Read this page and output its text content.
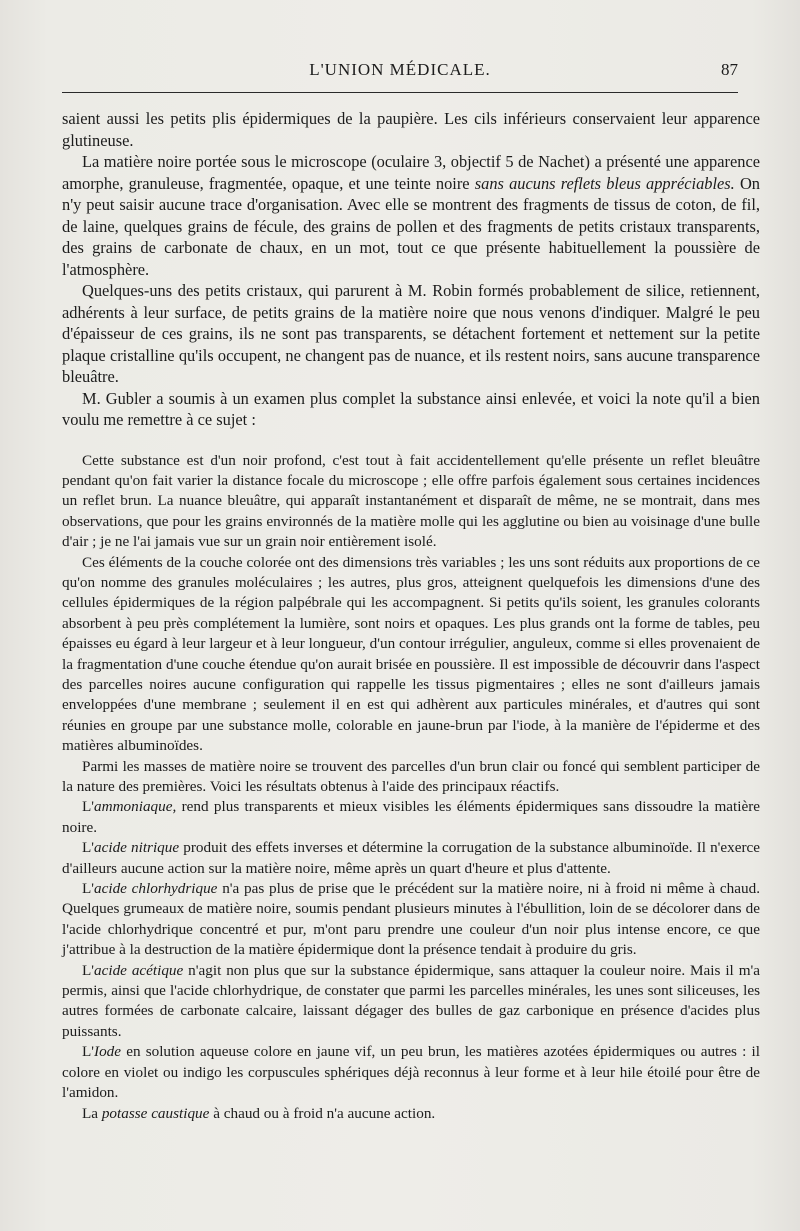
L'UNION MÉDICALE.	87

saient aussi les petits plis épidermiques de la paupière. Les cils inférieurs conservaient leur apparence glutineuse.

La matière noire portée sous le microscope (oculaire 3, objectif 5 de Nachet) a présenté une apparence amorphe, granuleuse, fragmentée, opaque, et une teinte noire sans aucuns reflets bleus appréciables. On n'y peut saisir aucune trace d'organisation. Avec elle se montrent des fragments de tissus de coton, de fil, de laine, quelques grains de fécule, des grains de pollen et des fragments de petits cristaux transparents, des grains de carbonate de chaux, en un mot, tout ce que présente habituellement la poussière de l'atmosphère.

Quelques-uns des petits cristaux, qui parurent à M. Robin formés probablement de silice, retiennent, adhérents à leur surface, de petits grains de la matière noire que nous venons d'indiquer. Malgré le peu d'épaisseur de ces grains, ils ne sont pas transparents, se détachent fortement et nettement sur la petite plaque cristalline qu'ils occupent, ne changent pas de nuance, et ils restent noirs, sans aucune transparence bleuâtre.

M. Gubler a soumis à un examen plus complet la substance ainsi enlevée, et voici la note qu'il a bien voulu me remettre à ce sujet :

Cette substance est d'un noir profond, c'est tout à fait accidentellement qu'elle présente un reflet bleuâtre pendant qu'on fait varier la distance focale du microscope ; elle offre parfois également sous certaines incidences un reflet brun. La nuance bleuâtre, qui apparaît instantanément et disparaît de même, ne se montrait, dans mes observations, que pour les grains environnés de la matière molle qui les agglutine ou bien au voisinage d'une bulle d'air ; je ne l'ai jamais vue sur un grain noir entièrement isolé.

Ces éléments de la couche colorée ont des dimensions très variables ; les uns sont réduits aux proportions de ce qu'on nomme des granules moléculaires ; les autres, plus gros, atteignent quelquefois les dimensions d'une des cellules épidermiques de la région palpébrale qui les accompagnent. Si petits qu'ils soient, les granules colorants absorbent à peu près complétement la lumière, sont noirs et opaques. Les plus grands ont la forme de tables, peu épaisses eu égard à leur largeur et à leur longueur, d'un contour irrégulier, anguleux, comme si elles provenaient de la fragmentation d'une couche étendue qu'on aurait brisée en poussière. Il est impossible de découvrir dans l'aspect des parcelles noires aucune configuration qui rappelle les tissus pigmentaires ; elles ne sont d'ailleurs jamais enveloppées d'une membrane ; seulement il en est qui adhèrent aux particules minérales, et d'autres qui sont réunies en groupe par une substance molle, colorable en jaune-brun par l'iode, à la manière de l'épiderme et des matières albuminoïdes.

Parmi les masses de matière noire se trouvent des parcelles d'un brun clair ou foncé qui semblent participer de la nature des premières. Voici les résultats obtenus à l'aide des principaux réactifs.

L'ammoniaque, rend plus transparents et mieux visibles les éléments épidermiques sans dissoudre la matière noire.

L'acide nitrique produit des effets inverses et détermine la corrugation de la substance albuminoïde. Il n'exerce d'ailleurs aucune action sur la matière noire, même après un quart d'heure et plus d'attente.

L'acide chlorhydrique n'a pas plus de prise que le précédent sur la matière noire, ni à froid ni même à chaud. Quelques grumeaux de matière noire, soumis pendant plusieurs minutes à l'ébullition, loin de se décolorer dans de l'acide chlorhydrique concentré et pur, m'ont paru prendre une couleur d'un noir plus intense encore, ce que j'attribue à la destruction de la matière épidermique dont la présence tendait à produire du gris.

L'acide acétique n'agit non plus que sur la substance épidermique, sans attaquer la couleur noire. Mais il m'a permis, ainsi que l'acide chlorhydrique, de constater que parmi les parcelles minérales, les unes sont siliceuses, les autres formées de carbonate calcaire, laissant dégager des bulles de gaz carbonique en présence d'acides plus puissants.

L'Iode en solution aqueuse colore en jaune vif, un peu brun, les matières azotées épidermiques ou autres : il colore en violet ou indigo les corpuscules sphériques déjà reconnus à leur forme et à leur hile étoilé pour être de l'amidon.

La potasse caustique à chaud ou à froid n'a aucune action.
